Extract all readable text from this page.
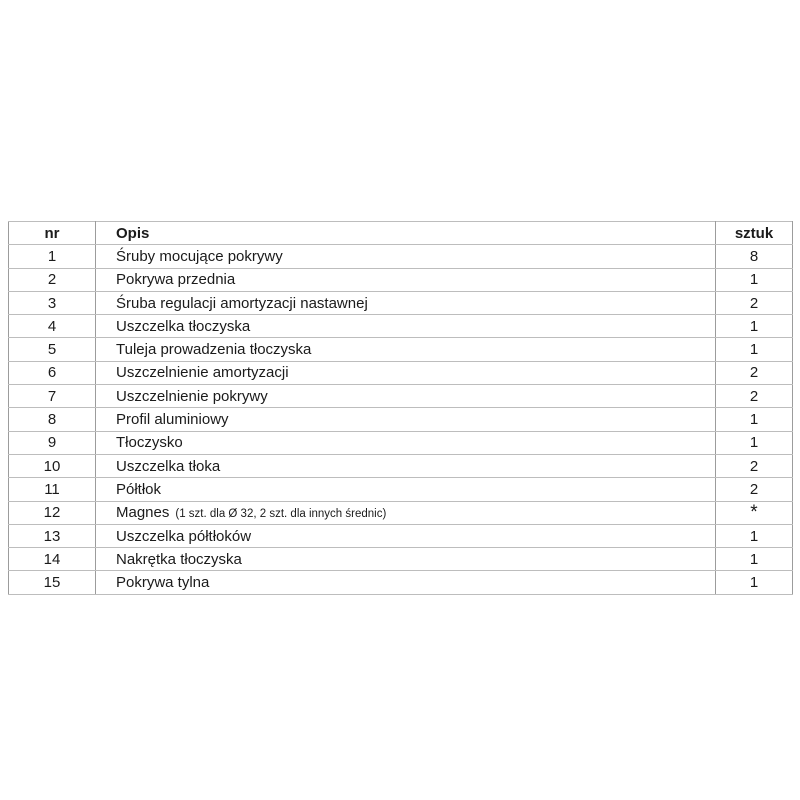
nr	Opis	sztuk
1	Śruby mocujące pokrywy	8
2	Pokrywa przednia	1
3	Śruba regulacji amortyzacji nastawnej	2
4	Uszczelka tłoczyska	1
5	Tuleja prowadzenia tłoczyska	1
6	Uszczelnienie amortyzacji	2
7	Uszczelnienie pokrywy	2
8	Profil aluminiowy	1
9	Tłoczysko	1
10	Uszczelka tłoka	2
11	Półtłok	2
12	Magnes (1 szt. dla Ø 32, 2 szt. dla innych średnic)	*
13	Uszczelka półtłoków	1
14	Nakrętka tłoczyska	1
15	Pokrywa tylna	1
